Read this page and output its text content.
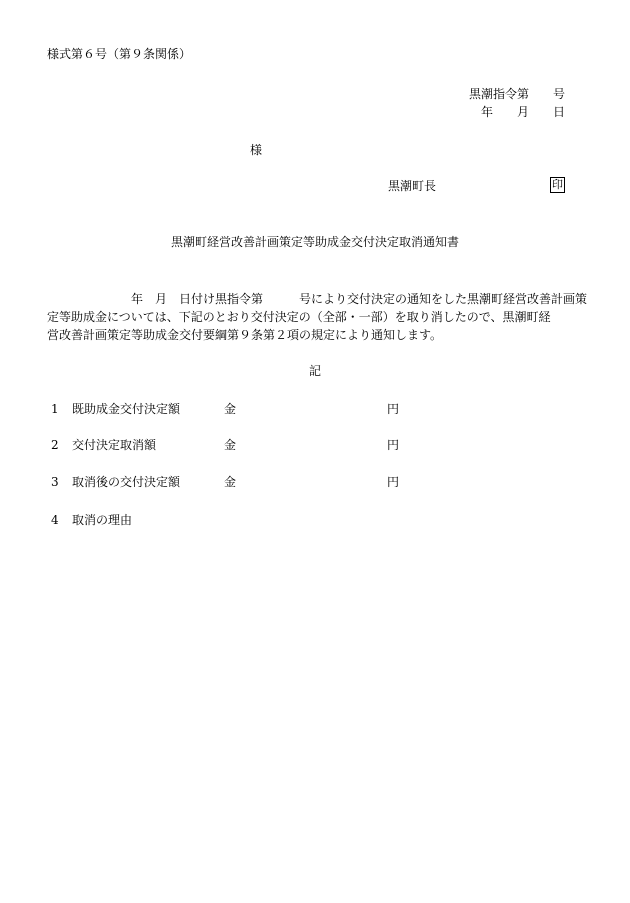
様式第６号（第９条関係）
黒潮指令第　　号
年　　月　　日
様
黒潮町長	印
黒潮町経営改善計画策定等助成金交付決定取消通知書
　　　　　　　年　月　日付け黒指令第　　　号により交付決定の通知をした黒潮町経営改善計画策
定等助成金については、下記のとおり交付決定の（全部・一部）を取り消したので、黒潮町経
営改善計画策定等助成金交付要綱第９条第２項の規定により通知します。
記
1 既助成金交付決定額	金	円
2 交付決定取消額	金	円
3 取消後の交付決定額	金	円
4 取消の理由
